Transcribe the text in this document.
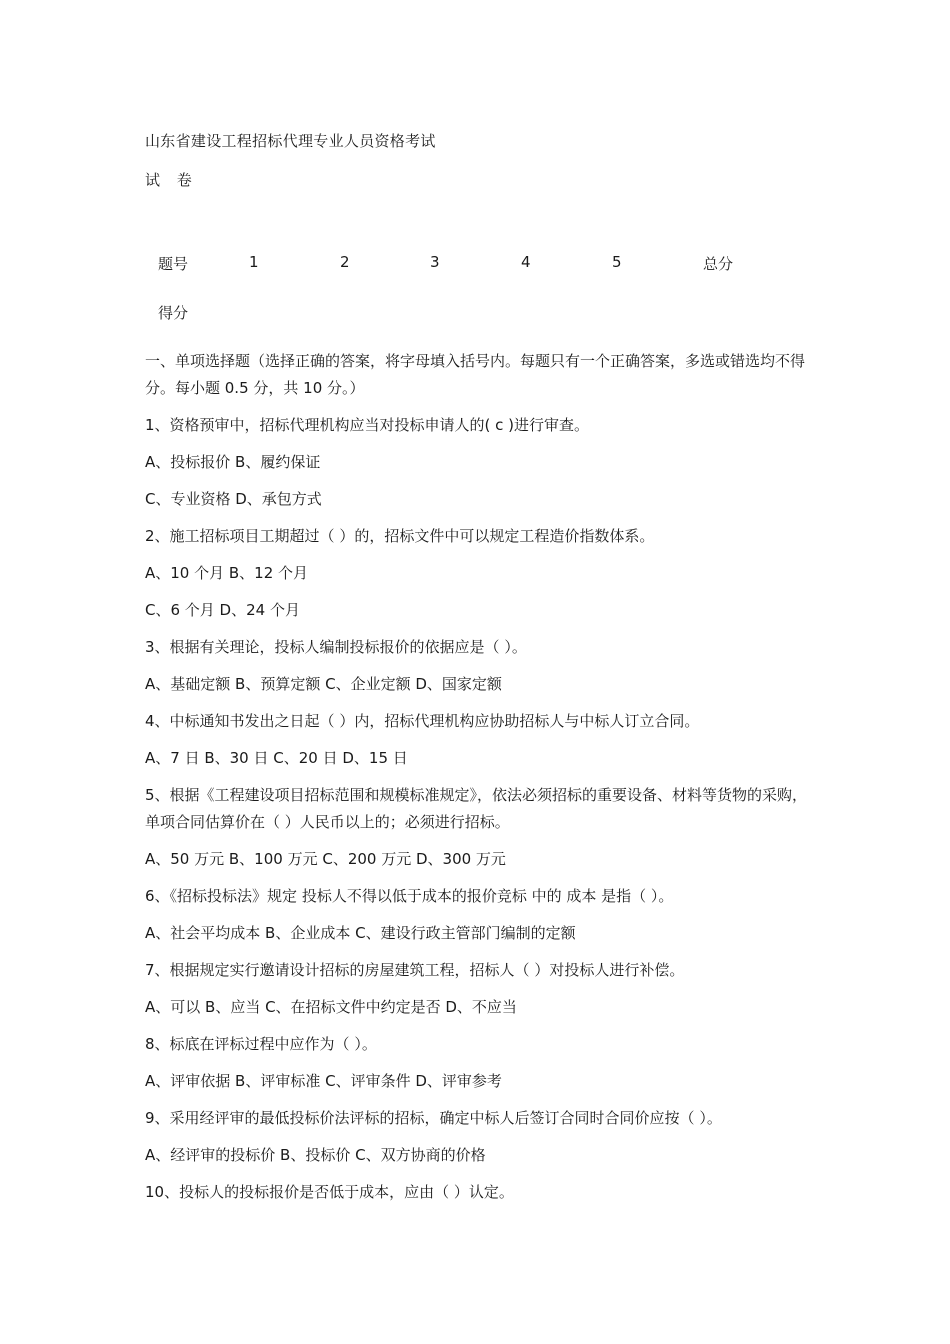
山东省建设工程招标代理专业人员资格考试
试 卷
题号	1	2	3	4	5	总分
得分

一、单项选择题（选择正确的答案，将字母填入括号内。每题只有一个正确答案，多选或错选均不得分。每小题 0.5 分，共 10 分。）

1、资格预审中，招标代理机构应当对投标申请人的( c )进行审查。

A、投标报价 B、履约保证

C、专业资格 D、承包方式

2、施工招标项目工期超过（ ）的，招标文件中可以规定工程造价指数体系。

A、10 个月 B、12 个月

C、6 个月 D、24 个月

3、根据有关理论，投标人编制投标报价的依据应是（ ）。

A、基础定额 B、预算定额 C、企业定额 D、国家定额

4、中标通知书发出之日起（ ）内，招标代理机构应协助招标人与中标人订立合同。

A、7 日 B、30 日 C、20 日 D、15 日

5、根据《工程建设项目招标范围和规模标准规定》，依法必须招标的重要设备、材料等货物的采购，单项合同估算价在（ ）人民币以上的；必须进行招标。

A、50 万元 B、100 万元 C、200 万元 D、300 万元

6、《招标投标法》规定 投标人不得以低于成本的报价竞标 中的 成本 是指（ ）。

A、社会平均成本 B、企业成本 C、建设行政主管部门编制的定额

7、根据规定实行邀请设计招标的房屋建筑工程，招标人（ ）对投标人进行补偿。

A、可以 B、应当 C、在招标文件中约定是否 D、不应当

8、标底在评标过程中应作为（ ）。

A、评审依据 B、评审标准 C、评审条件 D、评审参考

9、采用经评审的最低投标价法评标的招标，确定中标人后签订合同时合同价应按（ ）。

A、经评审的投标价 B、投标价 C、双方协商的价格

10、投标人的投标报价是否低于成本，应由（ ）认定。
